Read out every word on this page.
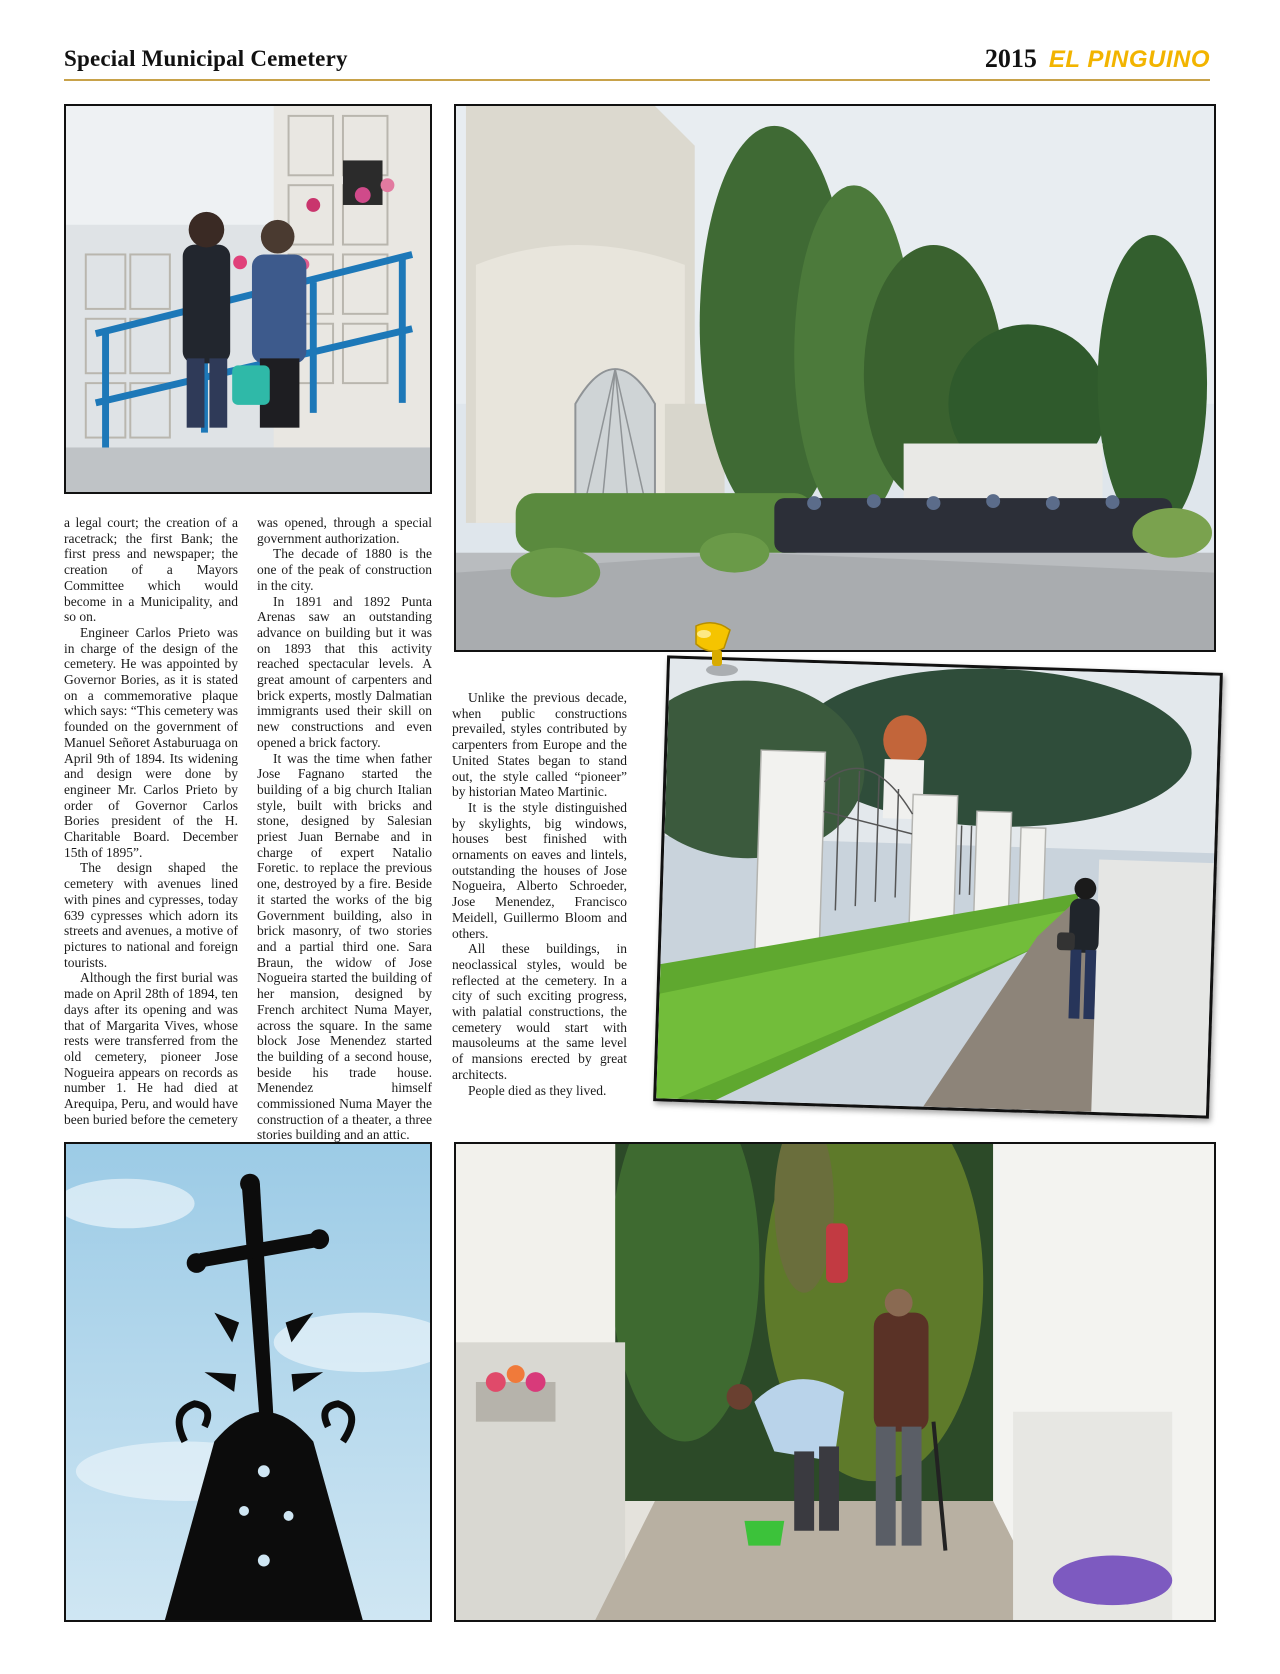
Special Municipal Cemetery	2015 EL PINGUINO

a legal court; the creation of a racetrack; the first Bank; the first press and newspaper; the creation of a Mayors Committee which would become in a Municipality, and so on.

Engineer Carlos Prieto was in charge of the design of the cemetery. He was appointed by Governor Bories, as it is stated on a commemorative plaque which says: “This cemetery was founded on the government of Manuel Señoret Astaburuaga on April 9th of 1894. Its widening and design were done by engineer Mr. Carlos Prieto by order of Governor Carlos Bories president of the H. Charitable Board. December 15th of 1895”.

The design shaped the cemetery with avenues lined with pines and cypresses, today 639 cypresses which adorn its streets and avenues, a motive of pictures to national and foreign tourists.

Although the first burial was made on April 28th of 1894, ten days after its opening and was that of Margarita Vives, whose rests were transferred from the old cemetery, pioneer Jose Nogueira appears on records as number 1. He had died at Arequipa, Peru, and would have been buried before the cemetery

was opened, through a special government authorization.

The decade of 1880 is the one of the peak of construction in the city.

In 1891 and 1892 Punta Arenas saw an outstanding advance on building but it was on 1893 that this activity reached spectacular levels. A great amount of carpenters and brick experts, mostly Dalmatian immigrants used their skill on new constructions and even opened a brick factory.

It was the time when father Jose Fagnano started the building of a big church Italian style, built with bricks and stone, designed by Salesian priest Juan Bernabe and in charge of expert Natalio Foretic. to replace the previous one, destroyed by a fire. Beside it started the works of the big Government building, also in brick masonry, of two stories and a partial third one. Sara Braun, the widow of Jose Nogueira started the building of her mansion, designed by French architect Numa Mayer, across the square. In the same block Jose Menendez started the building of a second house, beside his trade house. Menendez himself commissioned Numa Mayer the construction of a theater, a three stories building and an attic.

Unlike the previous decade, when public constructions prevailed, styles contributed by carpenters from Europe and the United States began to stand out, the style called “pioneer” by historian Mateo Martinic.

It is the style distinguished by skylights, big windows, houses best finished with ornaments on eaves and lintels, outstanding the houses of Jose Nogueira, Alberto Schroeder, Jose Menendez, Francisco Meidell, Guillermo Bloom and others.

All these buildings, in neoclassical styles, would be reflected at the cemetery. In a city of such exciting progress, with palatial constructions, the cemetery would start with mausoleums at the same level of mansions erected by great architects.

People died as they lived.
